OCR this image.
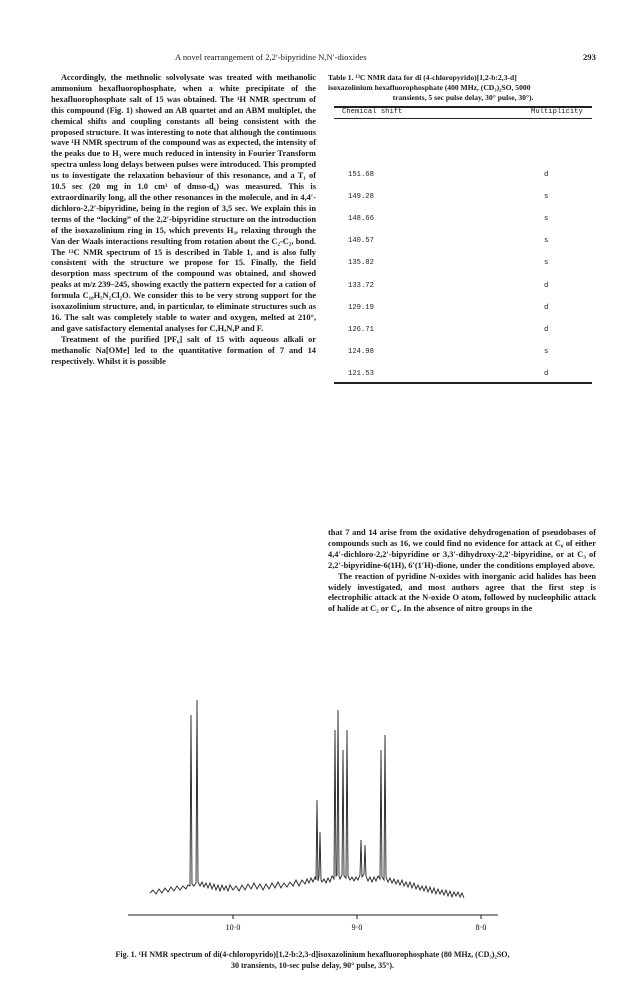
A novel rearrangement of 2,2′-bipyridine N,N′-dioxides	293

Accordingly, the methnolic solvolysate was treated with methanolic ammonium hexafluorophosphate, when a white precipitate of the hexafluorophosphate salt of 15 was obtained. The ¹H NMR spectrum of this compound (Fig. 1) showed an AB quartet and an ABM multiplet, the chemical shifts and coupling constants all being consistent with the proposed structure. It was interesting to note that although the continuous wave ¹H NMR spectrum of the compound was as expected, the intensity of the peaks due to H₃ were much reduced in intensity in Fourier Transform spectra unless long delays between pulses were introduced. This prompted us to investigate the relaxation behaviour of this resonance, and a T₁ of 10.5 sec (20 mg in 1.0 cm³ of dmso-d₆) was measured. This is extraordinarily long, all the other resonances in the molecule, and in 4,4′-dichloro-2,2′-bipyridine, being in the region of 3,5 sec. We explain this in terms of the “locking” of the 2,2′-bipyridine structure on the introduction of the isoxazolinium ring in 15, which prevents H₃, relaxing through the Van der Waals interactions resulting from rotation about the C₂-C₂, bond. The ¹³C NMR spectrum of 15 is described in Table 1, and is also fully consistent with the structure we propose for 15. Finally, the field desorption mass spectrum of the compound was obtained, and showed peaks at m/z 239–245, showing exactly the pattern expected for a cation of formula C₁₀H₅N₂Cl₂O. We consider this to be very strong support for the isoxazolinium structure, and, in particular, to eliminate structures such as 16. The salt was completely stable to water and oxygen, melted at 210°, and gave satisfactory elemental analyses for C,H,N,P and F.

Treatment of the purified [PF₆] salt of 15 with aqueous alkali or methanolic Na[OMe] led to the quantitative formation of 7 and 14 respectively. Whilst it is possible

Table 1. ¹³C NMR data for di (4-chloropyrido)[1,2-b:2,3-d]
isoxazolinium hexafluorophosphate (400 MHz, (CD₃)₂SO, 5000

transients, 5 sec pulse delay, 30° pulse, 30°).
Chemical shift	Multiplicity
151.68	d
149.28	s
148.66	s
140.57	s
135.82	s
133.72	d
129.19	d
126.71	d
124.98	s
121.53	d

that 7 and 14 arise from the oxidative dehydrogenation of pseudobases of compounds such as 16, we could find no evidence for attack at C₆ of either 4,4′-dichloro-2,2′-bipyridine or 3,3′-dihydroxy-2,2′-bipyridine, or at C₃ of 2,2′-bipyridine-6(1H), 6′(1′H)-dione, under the conditions employed above.

The reaction of pyridine N-oxides with inorganic acid halides has been widely investigated, and most authors agree that the first step is electrophilic attack at the N-oxide O atom, followed by nucleophilic attack of halide at C₂ or C₄. In the absence of nitro groups in the

10·0	9·0	8·0
Fig. 1. ¹H NMR spectrum of di(4-chloropyrido)[1,2-b:2,3-d]isoxazolinium hexafluorophosphate (80 MHz, (CD₃)₂SO,
30 transients, 10-sec pulse delay, 90° pulse, 35°).
